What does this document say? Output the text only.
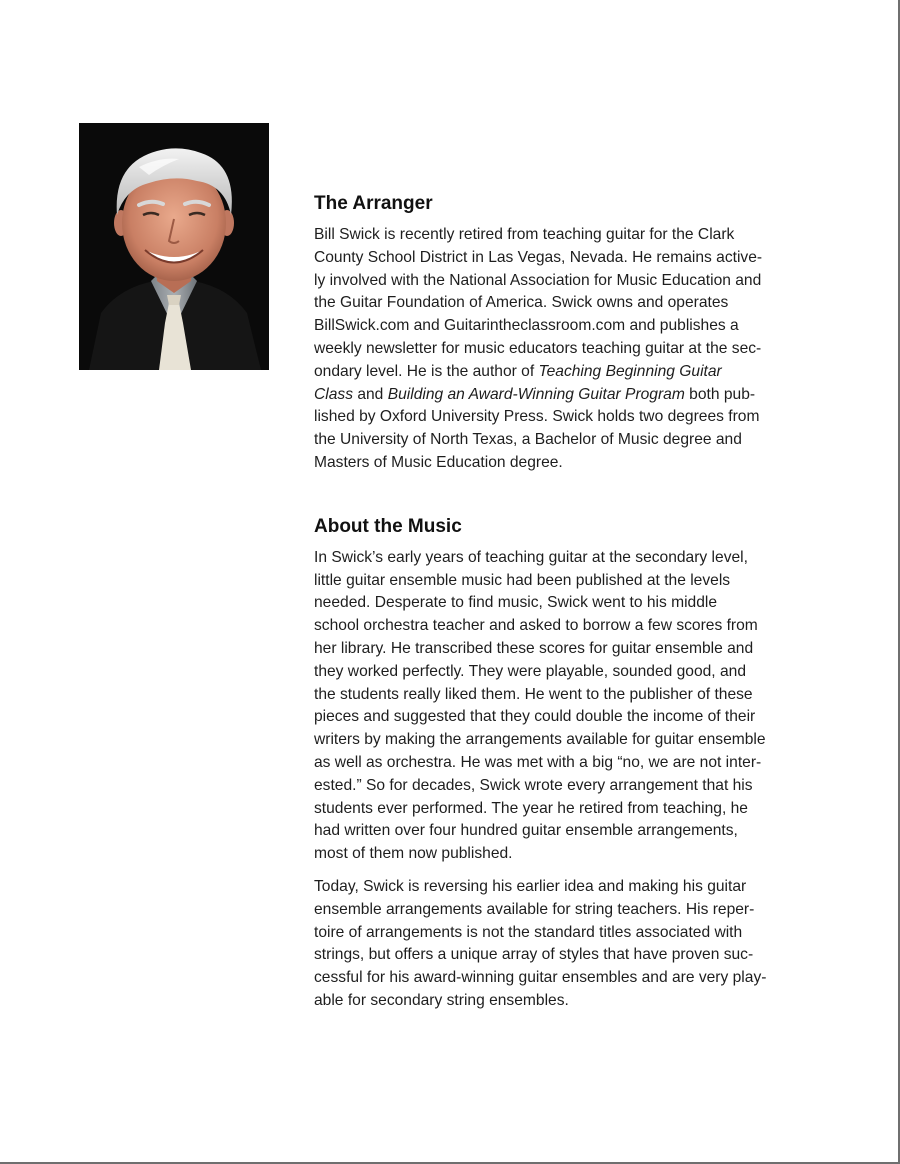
The Arranger

Bill Swick is recently retired from teaching guitar for the Clark
County School District in Las Vegas, Nevada. He remains active-
ly involved with the National Association for Music Education and
the Guitar Foundation of America. Swick owns and operates
BillSwick.com and Guitarintheclassroom.com and publishes a
weekly newsletter for music educators teaching guitar at the sec-
ondary level. He is the author of Teaching Beginning Guitar
Class and Building an Award-Winning Guitar Program both pub-
lished by Oxford University Press. Swick holds two degrees from
the University of North Texas, a Bachelor of Music degree and
Masters of Music Education degree.

About the Music

In Swick’s early years of teaching guitar at the secondary level,
little guitar ensemble music had been published at the levels
needed. Desperate to find music, Swick went to his middle
school orchestra teacher and asked to borrow a few scores from
her library. He transcribed these scores for guitar ensemble and
they worked perfectly. They were playable, sounded good, and
the students really liked them. He went to the publisher of these
pieces and suggested that they could double the income of their
writers by making the arrangements available for guitar ensemble
as well as orchestra. He was met with a big “no, we are not inter-
ested.” So for decades, Swick wrote every arrangement that his
students ever performed. The year he retired from teaching, he
had written over four hundred guitar ensemble arrangements,
most of them now published.

Today, Swick is reversing his earlier idea and making his guitar
ensemble arrangements available for string teachers. His reper-
toire of arrangements is not the standard titles associated with
strings, but offers a unique array of styles that have proven suc-
cessful for his award-winning guitar ensembles and are very play-
able for secondary string ensembles.
